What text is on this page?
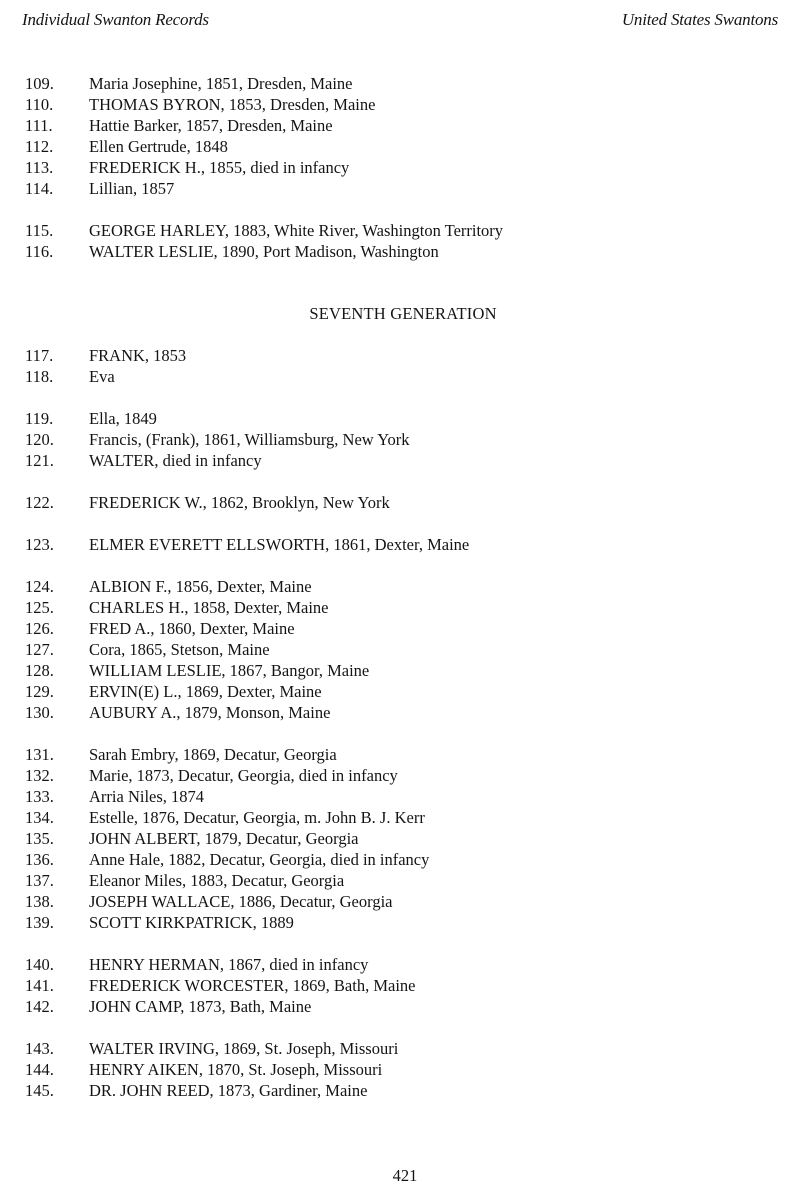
Individual Swanton Records	United States Swantons
SEVENTH GENERATION
109.	Maria Josephine, 1851, Dresden, Maine
110.	THOMAS BYRON, 1853, Dresden, Maine
111.	Hattie Barker, 1857, Dresden, Maine
112.	Ellen Gertrude, 1848
113.	FREDERICK H., 1855, died in infancy
114.	Lillian, 1857
115.	GEORGE HARLEY, 1883, White River, Washington Territory
116.	WALTER LESLIE, 1890, Port Madison, Washington
117.	FRANK, 1853
118.	Eva
119.	Ella, 1849
120.	Francis, (Frank), 1861, Williamsburg, New York
121.	WALTER, died in infancy
122.	FREDERICK W., 1862, Brooklyn, New York
123.	ELMER EVERETT ELLSWORTH, 1861, Dexter, Maine
124.	ALBION F., 1856, Dexter, Maine
125.	CHARLES H., 1858, Dexter, Maine
126.	FRED A., 1860, Dexter, Maine
127.	Cora, 1865, Stetson, Maine
128.	WILLIAM LESLIE, 1867, Bangor, Maine
129.	ERVIN(E) L., 1869, Dexter, Maine
130.	AUBURY A., 1879, Monson, Maine
131.	Sarah Embry, 1869, Decatur, Georgia
132.	Marie, 1873, Decatur, Georgia, died in infancy
133.	Arria Niles, 1874
134.	Estelle, 1876, Decatur, Georgia, m. John B. J. Kerr
135.	JOHN ALBERT, 1879, Decatur, Georgia
136.	Anne Hale, 1882, Decatur, Georgia, died in infancy
137.	Eleanor Miles, 1883, Decatur, Georgia
138.	JOSEPH WALLACE, 1886, Decatur, Georgia
139.	SCOTT KIRKPATRICK, 1889
140.	HENRY HERMAN, 1867, died in infancy
141.	FREDERICK WORCESTER, 1869, Bath, Maine
142.	JOHN CAMP, 1873, Bath, Maine
143.	WALTER IRVING, 1869, St. Joseph, Missouri
144.	HENRY AIKEN, 1870, St. Joseph, Missouri
145.	DR. JOHN REED, 1873, Gardiner, Maine
421
